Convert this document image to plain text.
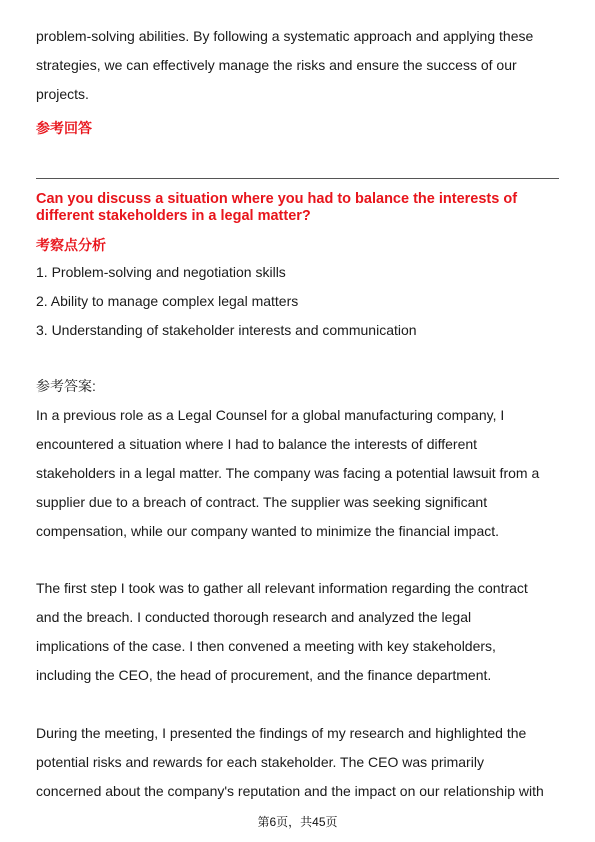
problem-solving abilities. By following a systematic approach and applying these
strategies, we can effectively manage the risks and ensure the success of our
projects.
参考回答
Can you discuss a situation where you had to balance the interests of
different stakeholders in a legal matter?
考察点分析
1. Problem-solving and negotiation skills
2. Ability to manage complex legal matters
3. Understanding of stakeholder interests and communication
参考答案:
In a previous role as a Legal Counsel for a global manufacturing company, I
encountered a situation where I had to balance the interests of different
stakeholders in a legal matter. The company was facing a potential lawsuit from a
supplier due to a breach of contract. The supplier was seeking significant
compensation, while our company wanted to minimize the financial impact.
The first step I took was to gather all relevant information regarding the contract
and the breach. I conducted thorough research and analyzed the legal
implications of the case. I then convened a meeting with key stakeholders,
including the CEO, the head of procurement, and the finance department.
During the meeting, I presented the findings of my research and highlighted the
potential risks and rewards for each stakeholder. The CEO was primarily
concerned about the company's reputation and the impact on our relationship with
第6页，共45页
